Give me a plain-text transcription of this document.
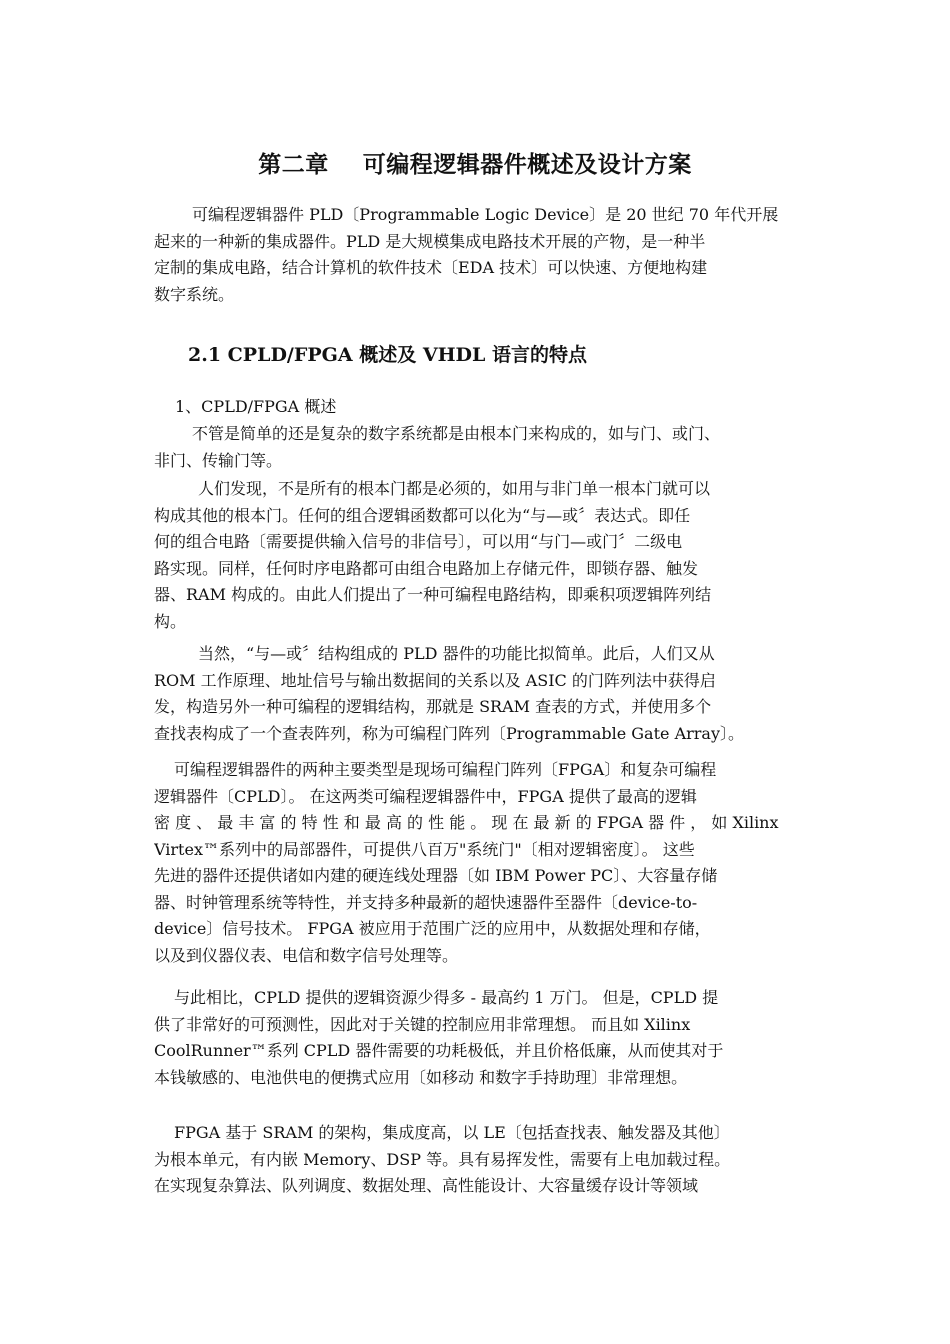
第二章    可编程逻辑器件概述及设计方案
可编程逻辑器件 PLD〔Programmable Logic Device〕是 20 世纪 70 年代开展
起来的一种新的集成器件。PLD 是大规模集成电路技术开展的产物，是一种半
定制的集成电路，结合计算机的软件技术〔EDA 技术〕可以快速、方便地构建
数字系统。
2.1 CPLD/FPGA 概述及 VHDL 语言的特点

1、CPLD/FPGA 概述

不管是简单的还是复杂的数字系统都是由根本门来构成的，如与门、或门、
非门、传输门等。
人们发现，不是所有的根本门都是必须的，如用与非门单一根本门就可以
构成其他的根本门。任何的组合逻辑函数都可以化为“与—或〞表达式。即任
何的组合电路〔需要提供输入信号的非信号〕，可以用“与门—或门〞二级电
路实现。同样，任何时序电路都可由组合电路加上存储元件，即锁存器、触发
器、RAM 构成的。由此人们提出了一种可编程电路结构，即乘积项逻辑阵列结
构。
当然，“与—或〞结构组成的 PLD 器件的功能比拟简单。此后，人们又从
ROM 工作原理、地址信号与输出数据间的关系以及 ASIC 的门阵列法中获得启
发，构造另外一种可编程的逻辑结构，那就是 SRAM 查表的方式，并使用多个
查找表构成了一个查表阵列，称为可编程门阵列〔Programmable Gate Array〕。
可编程逻辑器件的两种主要类型是现场可编程门阵列〔FPGA〕和复杂可编程
逻辑器件〔CPLD〕。 在这两类可编程逻辑器件中，FPGA 提供了最高的逻辑
密 度 、 最 丰 富 的 特 性 和 最 高 的 性 能 。 现 在 最 新 的 FPGA 器 件 ， 如 Xilinx
Virtex™系列中的局部器件，可提供八百万"系统门"〔相对逻辑密度〕。 这些
先进的器件还提供诸如内建的硬连线处理器〔如 IBM Power PC〕、大容量存储
器、时钟管理系统等特性，并支持多种最新的超快速器件至器件〔device-to-
device〕信号技术。 FPGA 被应用于范围广泛的应用中，从数据处理和存储，
以及到仪器仪表、电信和数字信号处理等。
与此相比，CPLD 提供的逻辑资源少得多 - 最高约 1 万门。 但是，CPLD 提
供了非常好的可预测性，因此对于关键的控制应用非常理想。 而且如 Xilinx
CoolRunner™系列 CPLD 器件需要的功耗极低，并且价格低廉，从而使其对于
本钱敏感的、电池供电的便携式应用〔如移动 和数字手持助理〕非常理想。
FPGA 基于 SRAM 的架构，集成度高，以 LE〔包括查找表、触发器及其他〕
为根本单元，有内嵌 Memory、DSP 等。具有易挥发性，需要有上电加载过程。
在实现复杂算法、队列调度、数据处理、高性能设计、大容量缓存设计等领域
